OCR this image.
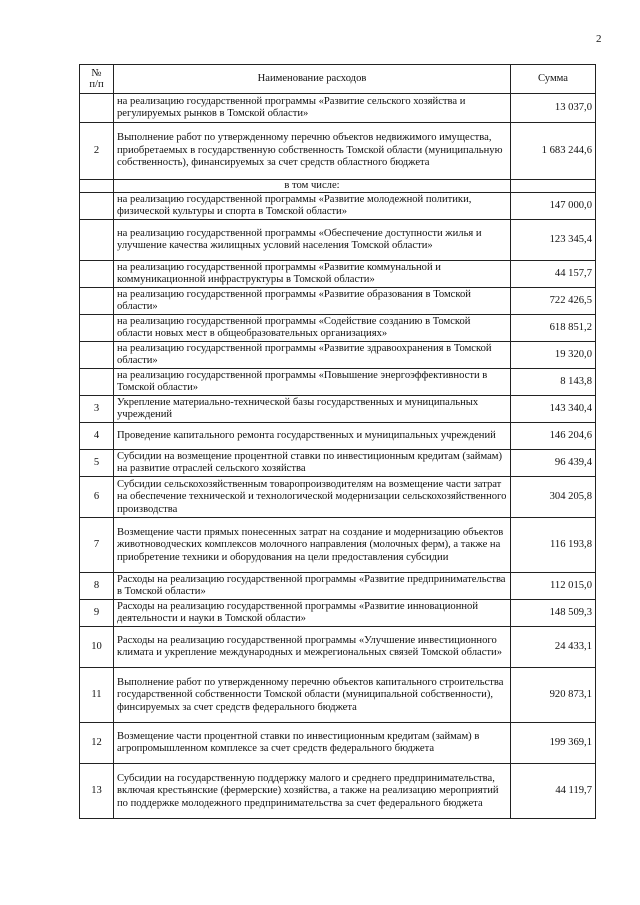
2
№
п/п	Наименование расходов	Сумма
	на реализацию государственной программы «Развитие сельского хозяйства и регулируемых рынков в Томской области»	13 037,0
2	Выполнение работ по утвержденному перечню объектов недвижимого имущества, приобретаемых в государственную собственность Томской области (муниципальную собственность), финансируемых за счет средств областного бюджета	1 683 244,6
	в том числе:	
	на реализацию государственной программы «Развитие молодежной политики, физической культуры и спорта в Томской области»	147 000,0
	на реализацию государственной программы «Обеспечение доступности жилья и улучшение качества жилищных условий населения Томской области»	123 345,4
	на реализацию государственной программы «Развитие коммунальной и коммуникационной инфраструктуры в Томской области»	44 157,7
	на реализацию государственной программы «Развитие образования в Томской области»	722 426,5
	на реализацию государственной программы «Содействие созданию в Томской области новых мест в общеобразовательных организациях»	618 851,2
	на реализацию государственной программы «Развитие здравоохранения в Томской области»	19 320,0
	на реализацию государственной программы «Повышение энергоэффективности в Томской области»	8 143,8
3	Укрепление материально-технической базы государственных и муниципальных учреждений	143 340,4
4	Проведение капитального ремонта государственных и муниципальных учреждений	146 204,6
5	Субсидии на возмещение процентной ставки по инвестиционным кредитам (займам) на развитие отраслей сельского хозяйства	96 439,4
6	Субсидии сельскохозяйственным товаропроизводителям на возмещение части затрат на обеспечение технической и технологической модернизации сельскохозяйственного производства	304 205,8
7	Возмещение части прямых понесенных затрат на создание и модернизацию объектов животноводческих комплексов молочного направления (молочных ферм), а также на приобретение техники и оборудования на цели предоставления субсидии	116 193,8
8	Расходы на реализацию государственной программы «Развитие предпринимательства в Томской области»	112 015,0
9	Расходы на реализацию государственной программы «Развитие инновационной деятельности и науки в Томской области»	148 509,3
10	Расходы на реализацию государственной программы «Улучшение инвестиционного климата и укрепление международных и межрегиональных связей Томской области»	24 433,1
11	Выполнение работ по утвержденному перечню объектов капитального строительства государственной собственности Томской области (муниципальной собственности), финсируемых за счет средств федерального бюджета	920 873,1
12	Возмещение части процентной ставки по инвестиционным кредитам (займам) в агропромышленном комплексе за счет средств федерального бюджета	199 369,1
13	Субсидии на государственную поддержку малого и среднего предпринимательства, включая крестьянские (фермерские) хозяйства, а также на реализацию мероприятий по поддержке молодежного предпринимательства за счет федерального бюджета	44 119,7
